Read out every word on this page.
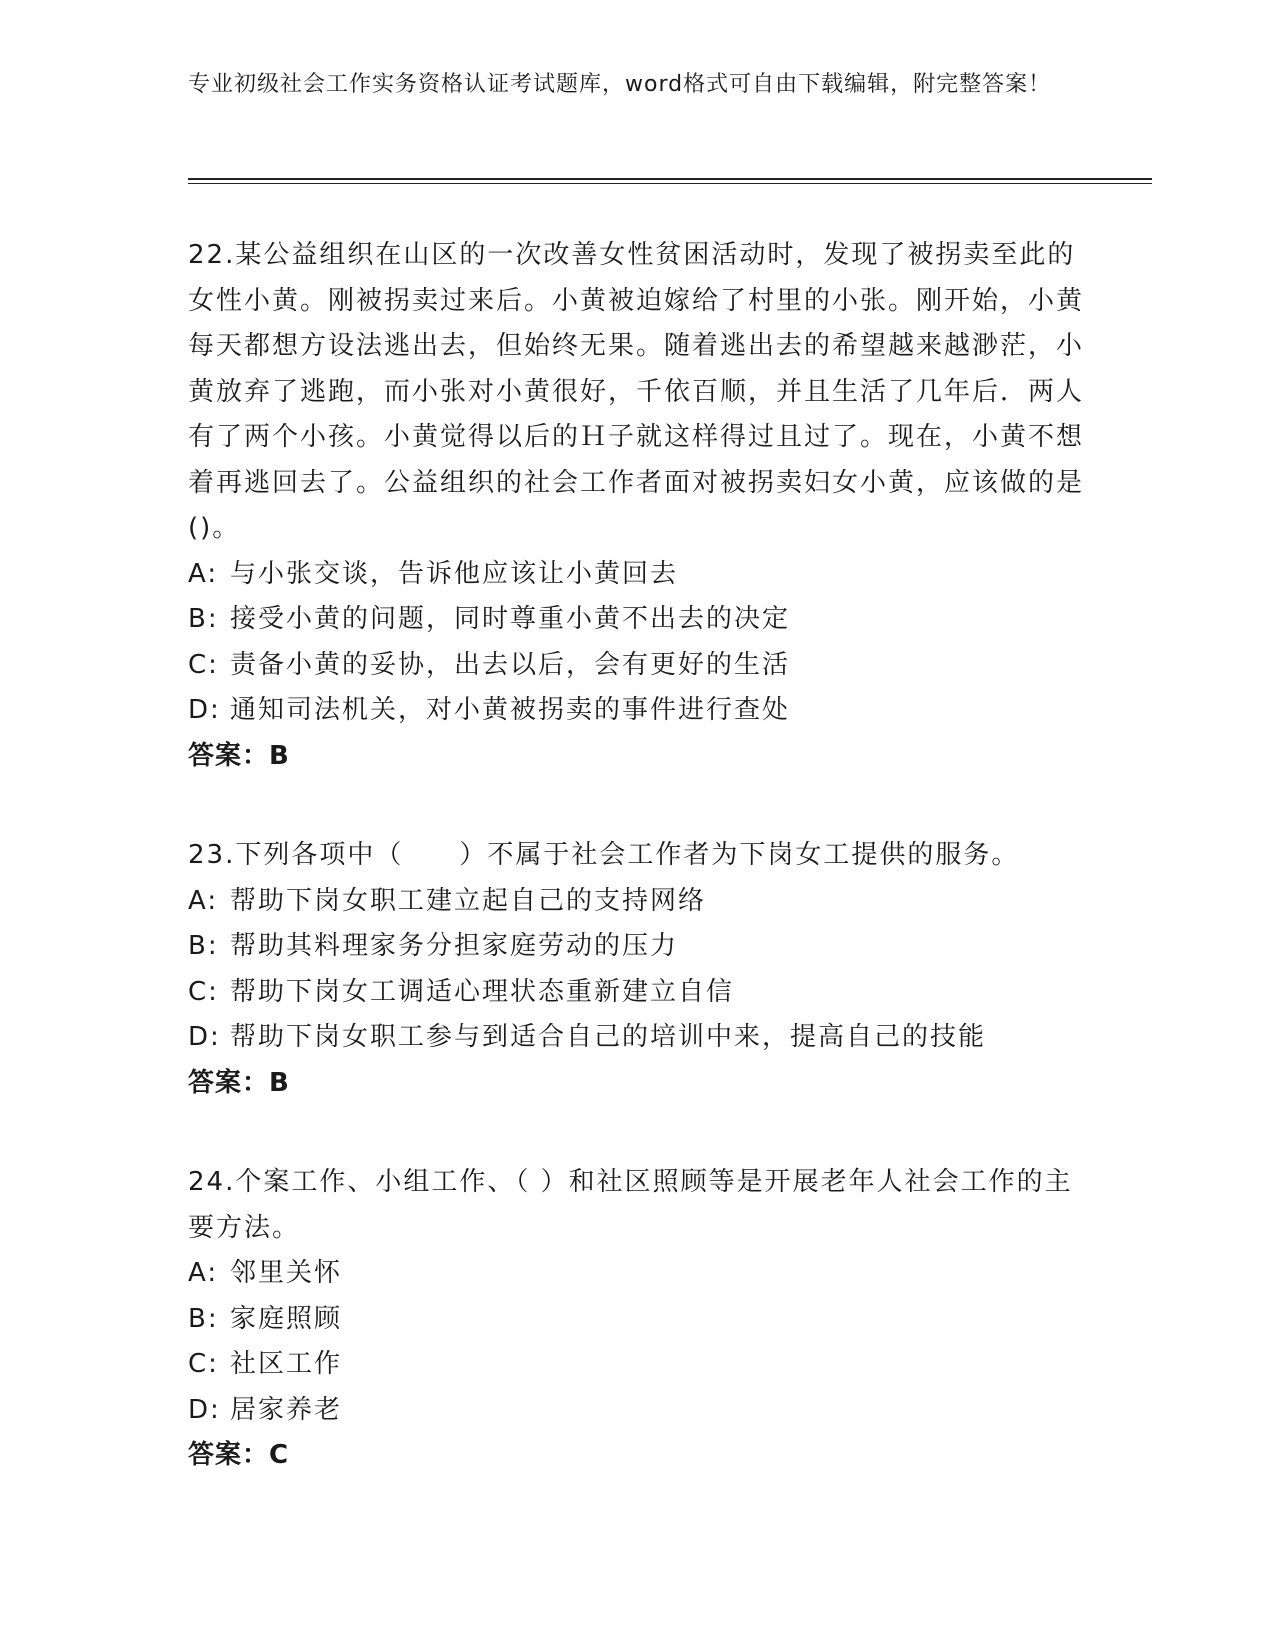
专业初级社会工作实务资格认证考试题库，word格式可自由下载编辑，附完整答案！

22.某公益组织在山区的一次改善女性贫困活动时，发现了被拐卖至此的女性小黄。刚被拐卖过来后。小黄被迫嫁给了村里的小张。刚开始，小黄每天都想方设法逃出去，但始终无果。随着逃出去的希望越来越渺茫，小黄放弃了逃跑，而小张对小黄很好，千依百顺，并且生活了几年后．两人有了两个小孩。小黄觉得以后的Ｈ子就这样得过且过了。现在，小黄不想着再逃回去了。公益组织的社会工作者面对被拐卖妇女小黄，应该做的是()。

A: 与小张交谈，告诉他应该让小黄回去

B: 接受小黄的问题，同时尊重小黄不出去的决定

C: 责备小黄的妥协，出去以后，会有更好的生活

D: 通知司法机关，对小黄被拐卖的事件进行查处

答案：B

23.下列各项中（　　）不属于社会工作者为下岗女工提供的服务。

A: 帮助下岗女职工建立起自己的支持网络

B: 帮助其料理家务分担家庭劳动的压力

C: 帮助下岗女工调适心理状态重新建立自信

D: 帮助下岗女职工参与到适合自己的培训中来，提高自己的技能

答案：B

24.个案工作、小组工作、（ ）和社区照顾等是开展老年人社会工作的主要方法。

A: 邻里关怀

B: 家庭照顾

C: 社区工作

D: 居家养老

答案：C
